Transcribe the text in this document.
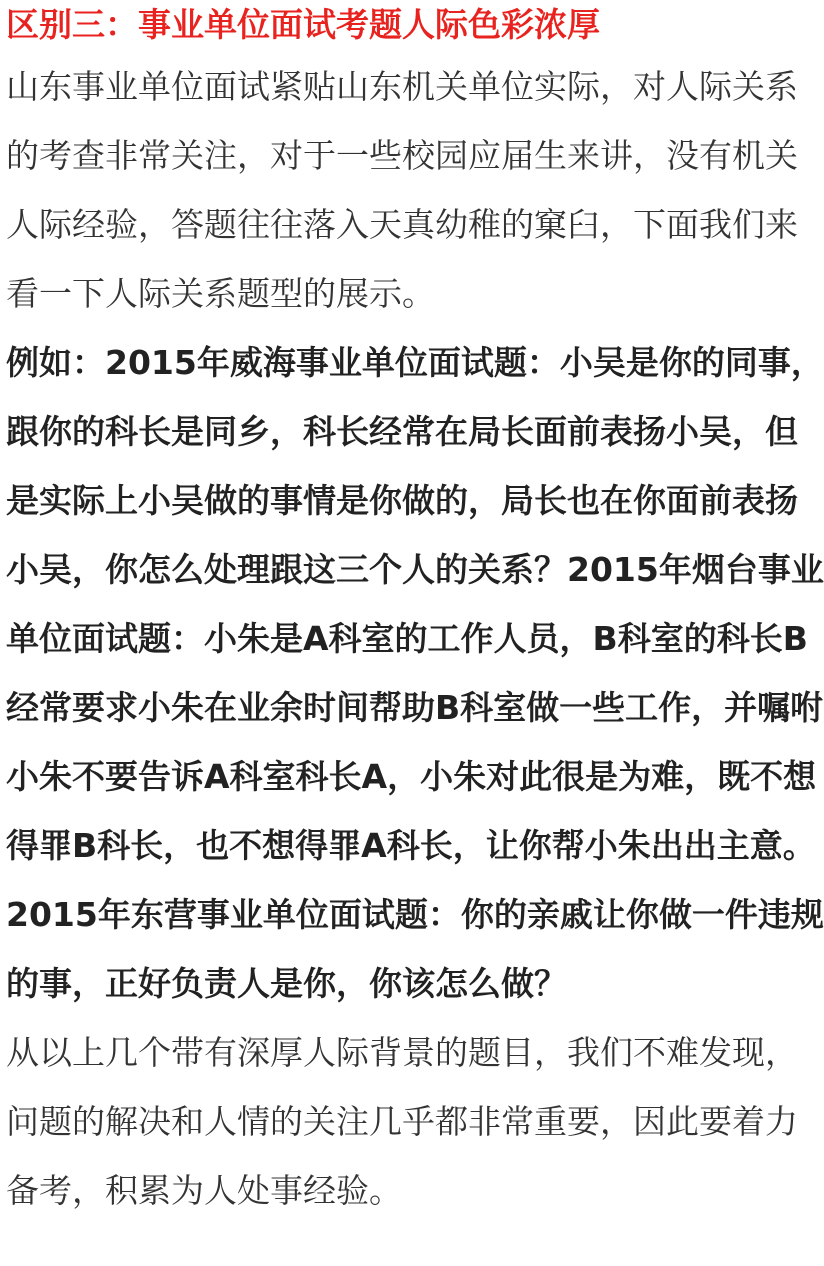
区别三：事业单位面试考题人际色彩浓厚

山东事业单位面试紧贴山东机关单位实际，对人际关系的考查非常关注，对于一些校园应届生来讲，没有机关人际经验，答题往往落入天真幼稚的窠臼，下面我们来看一下人际关系题型的展示。

例如：2015年威海事业单位面试题：小吴是你的同事，跟你的科长是同乡，科长经常在局长面前表扬小吴，但是实际上小吴做的事情是你做的，局长也在你面前表扬小吴，你怎么处理跟这三个人的关系？2015年烟台事业单位面试题：小朱是A科室的工作人员，B科室的科长B经常要求小朱在业余时间帮助B科室做一些工作，并嘱咐小朱不要告诉A科室科长A，小朱对此很是为难，既不想得罪B科长，也不想得罪A科长，让你帮小朱出出主意。2015年东营事业单位面试题：你的亲戚让你做一件违规的事，正好负责人是你，你该怎么做？

从以上几个带有深厚人际背景的题目，我们不难发现，问题的解决和人情的关注几乎都非常重要，因此要着力备考，积累为人处事经验。
